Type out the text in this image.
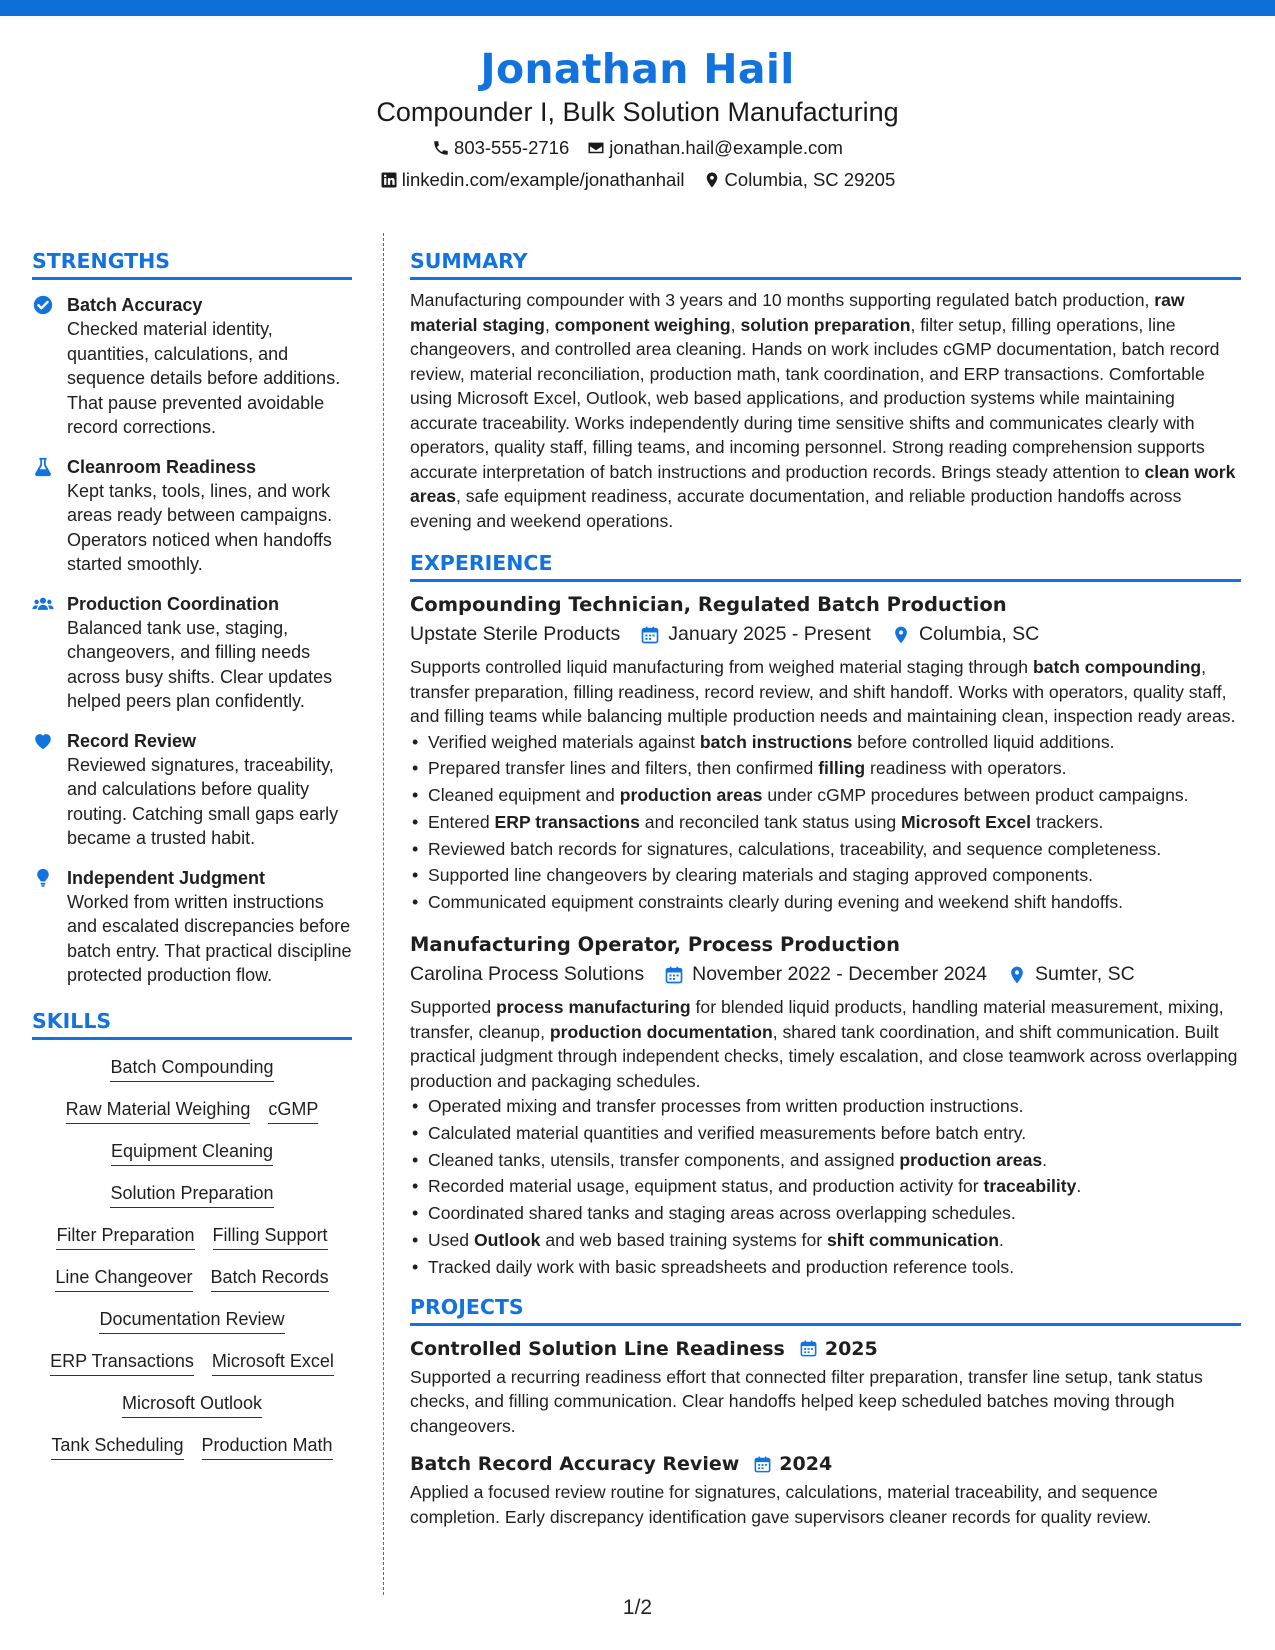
Jonathan Hail
Compounder I, Bulk Solution Manufacturing
803-555-2716 jonathan.hail@example.com
linkedin.com/example/jonathanhail Columbia, SC 29205
STRENGTHS
Batch Accuracy
Checked material identity, quantities, calculations, and sequence details before additions. That pause prevented avoidable record corrections.
Cleanroom Readiness
Kept tanks, tools, lines, and work areas ready between campaigns. Operators noticed when handoffs started smoothly.
Production Coordination
Balanced tank use, staging, changeovers, and filling needs across busy shifts. Clear updates helped peers plan confidently.
Record Review
Reviewed signatures, traceability, and calculations before quality routing. Catching small gaps early became a trusted habit.
Independent Judgment
Worked from written instructions and escalated discrepancies before batch entry. That practical discipline protected production flow.
SKILLS
Batch Compounding
Raw Material Weighing cGMP
Equipment Cleaning
Solution Preparation
Filter Preparation Filling Support
Line Changeover Batch Records
Documentation Review
ERP Transactions Microsoft Excel
Microsoft Outlook
Tank Scheduling Production Math
SUMMARY

Manufacturing compounder with 3 years and 10 months supporting regulated batch production, raw material staging, component weighing, solution preparation, filter setup, filling operations, line changeovers, and controlled area cleaning. Hands on work includes cGMP documentation, batch record review, material reconciliation, production math, tank coordination, and ERP transactions. Comfortable using Microsoft Excel, Outlook, web based applications, and production systems while maintaining accurate traceability. Works independently during time sensitive shifts and communicates clearly with operators, quality staff, filling teams, and incoming personnel. Strong reading comprehension supports accurate interpretation of batch instructions and production records. Brings steady attention to clean work areas, safe equipment readiness, accurate documentation, and reliable production handoffs across evening and weekend operations.

EXPERIENCE
Compounding Technician, Regulated Batch Production
Upstate Sterile Products January 2025 - Present Columbia, SC

Supports controlled liquid manufacturing from weighed material staging through batch compounding, transfer preparation, filling readiness, record review, and shift handoff. Works with operators, quality staff, and filling teams while balancing multiple production needs and maintaining clean, inspection ready areas.

• Verified weighed materials against batch instructions before controlled liquid additions.
• Prepared transfer lines and filters, then confirmed filling readiness with operators.
• Cleaned equipment and production areas under cGMP procedures between product campaigns.
• Entered ERP transactions and reconciled tank status using Microsoft Excel trackers.
• Reviewed batch records for signatures, calculations, traceability, and sequence completeness.
• Supported line changeovers by clearing materials and staging approved components.
• Communicated equipment constraints clearly during evening and weekend shift handoffs.
Manufacturing Operator, Process Production
Carolina Process Solutions November 2022 - December 2024 Sumter, SC

Supported process manufacturing for blended liquid products, handling material measurement, mixing, transfer, cleanup, production documentation, shared tank coordination, and shift communication. Built practical judgment through independent checks, timely escalation, and close teamwork across overlapping production and packaging schedules.

• Operated mixing and transfer processes from written production instructions.
• Calculated material quantities and verified measurements before batch entry.
• Cleaned tanks, utensils, transfer components, and assigned production areas.
• Recorded material usage, equipment status, and production activity for traceability.
• Coordinated shared tanks and staging areas across overlapping schedules.
• Used Outlook and web based training systems for shift communication.
• Tracked daily work with basic spreadsheets and production reference tools.
PROJECTS
Controlled Solution Line Readiness 2025

Supported a recurring readiness effort that connected filter preparation, transfer line setup, tank status checks, and filling communication. Clear handoffs helped keep scheduled batches moving through changeovers.

Batch Record Accuracy Review 2024

Applied a focused review routine for signatures, calculations, material traceability, and sequence completion. Early discrepancy identification gave supervisors cleaner records for quality review.

1/2
